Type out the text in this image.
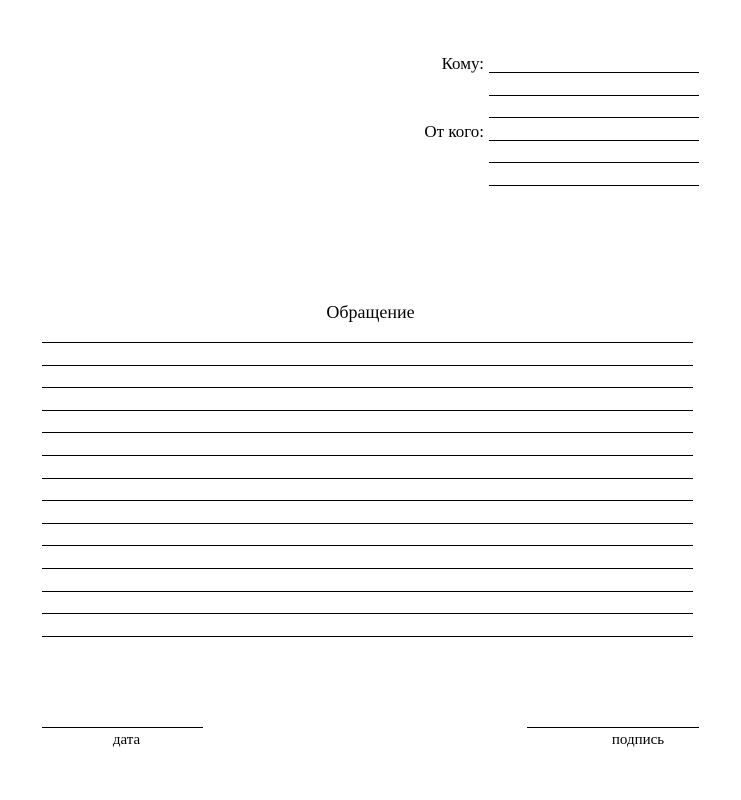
Кому:
От кого:
Обращение
дата	подпись
